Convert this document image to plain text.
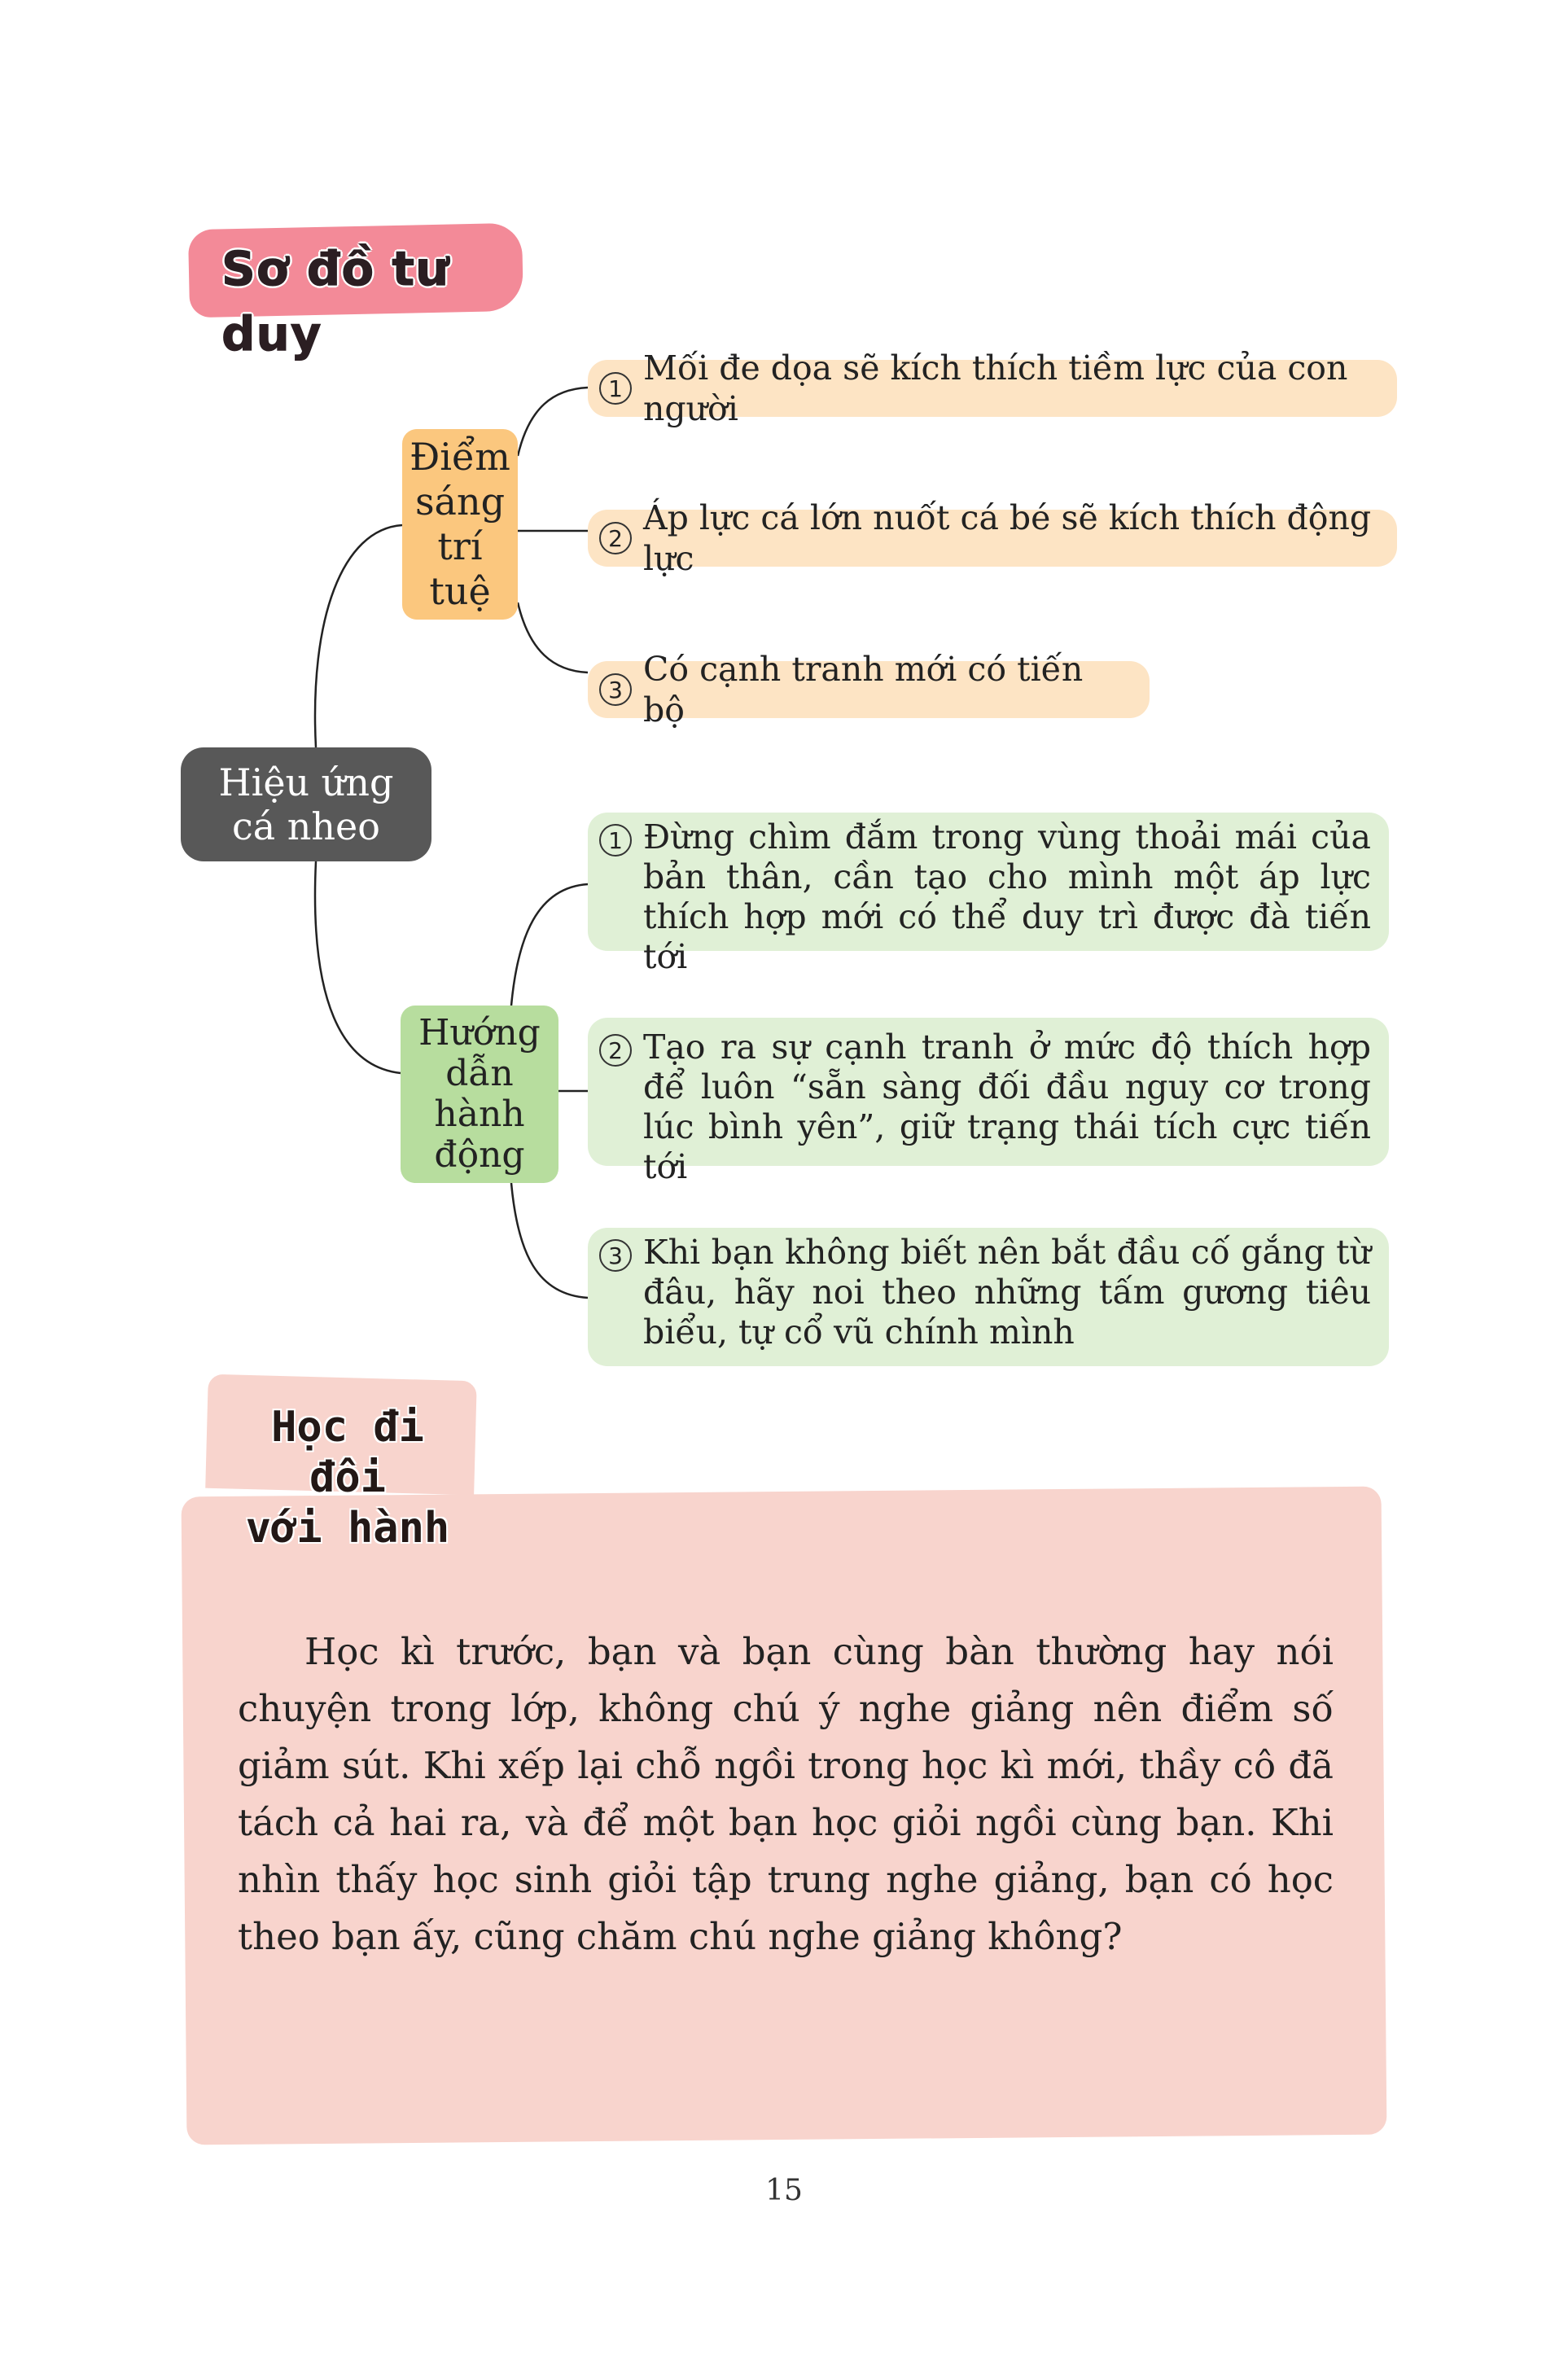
Sơ đồ tư duy
Hiệu ứng
cá nheo
Điểm
sáng
trí
tuệ
1
Mối đe dọa sẽ kích thích tiềm lực của con người
2
Áp lực cá lớn nuốt cá bé sẽ kích thích động lực
3
Có cạnh tranh mới có tiến bộ
Hướng
dẫn
hành
động
1 Đừng chìm đắm trong vùng thoải mái của bản thân, cần tạo cho mình một áp lực thích hợp mới có thể duy trì được đà tiến tới
2 Tạo ra sự cạnh tranh ở mức độ thích hợp để luôn “sẵn sàng đối đầu nguy cơ trong lúc bình yên”, giữ trạng thái tích cực tiến tới
3 Khi bạn không biết nên bắt đầu cố gắng từ đâu, hãy noi theo những tấm gương tiêu biểu, tự cổ vũ chính mình
Học đi đôi
với hành
Học kì trước, bạn và bạn cùng bàn thường hay nói chuyện trong lớp, không chú ý nghe giảng nên điểm số giảm sút. Khi xếp lại chỗ ngồi trong học kì mới, thầy cô đã tách cả hai ra, và để một bạn học giỏi ngồi cùng bạn. Khi nhìn thấy học sinh giỏi tập trung nghe giảng, bạn có học theo bạn ấy, cũng chăm chú nghe giảng không?
15
